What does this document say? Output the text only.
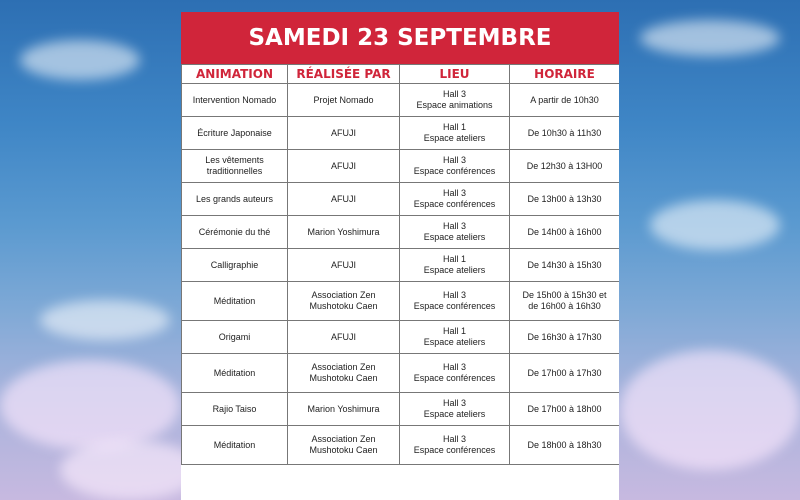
SAMEDI 23 SEPTEMBRE
ANIMATION	RÉALISÉE PAR	LIEU	HORAIRE

Intervention Nomado	Projet Nomado	Hall 3
Espace animations	A partir de 10h30

Écriture Japonaise	AFUJI	Hall 1
Espace ateliers	De 10h30 à 11h30

Les vêtements
traditionnelles	AFUJI	Hall 3
Espace conférences	De 12h30 à 13H00

Les grands auteurs	AFUJI	Hall 3
Espace conférences	De 13h00 à 13h30

Cérémonie du thé	Marion Yoshimura	Hall 3
Espace ateliers	De 14h00 à 16h00

Calligraphie	AFUJI	Hall 1
Espace ateliers	De 14h30 à 15h30

Méditation	Association Zen
Mushotoku Caen	Hall 3
Espace conférences	De 15h00 à 15h30 et
de 16h00 à 16h30

Origami	AFUJI	Hall 1
Espace ateliers	De 16h30 à 17h30

Méditation	Association Zen
Mushotoku Caen	Hall 3
Espace conférences	De 17h00 à 17h30

Rajio Taiso	Marion Yoshimura	Hall 3
Espace ateliers	De 17h00 à 18h00

Méditation	Association Zen
Mushotoku Caen	Hall 3
Espace conférences	De 18h00 à 18h30
